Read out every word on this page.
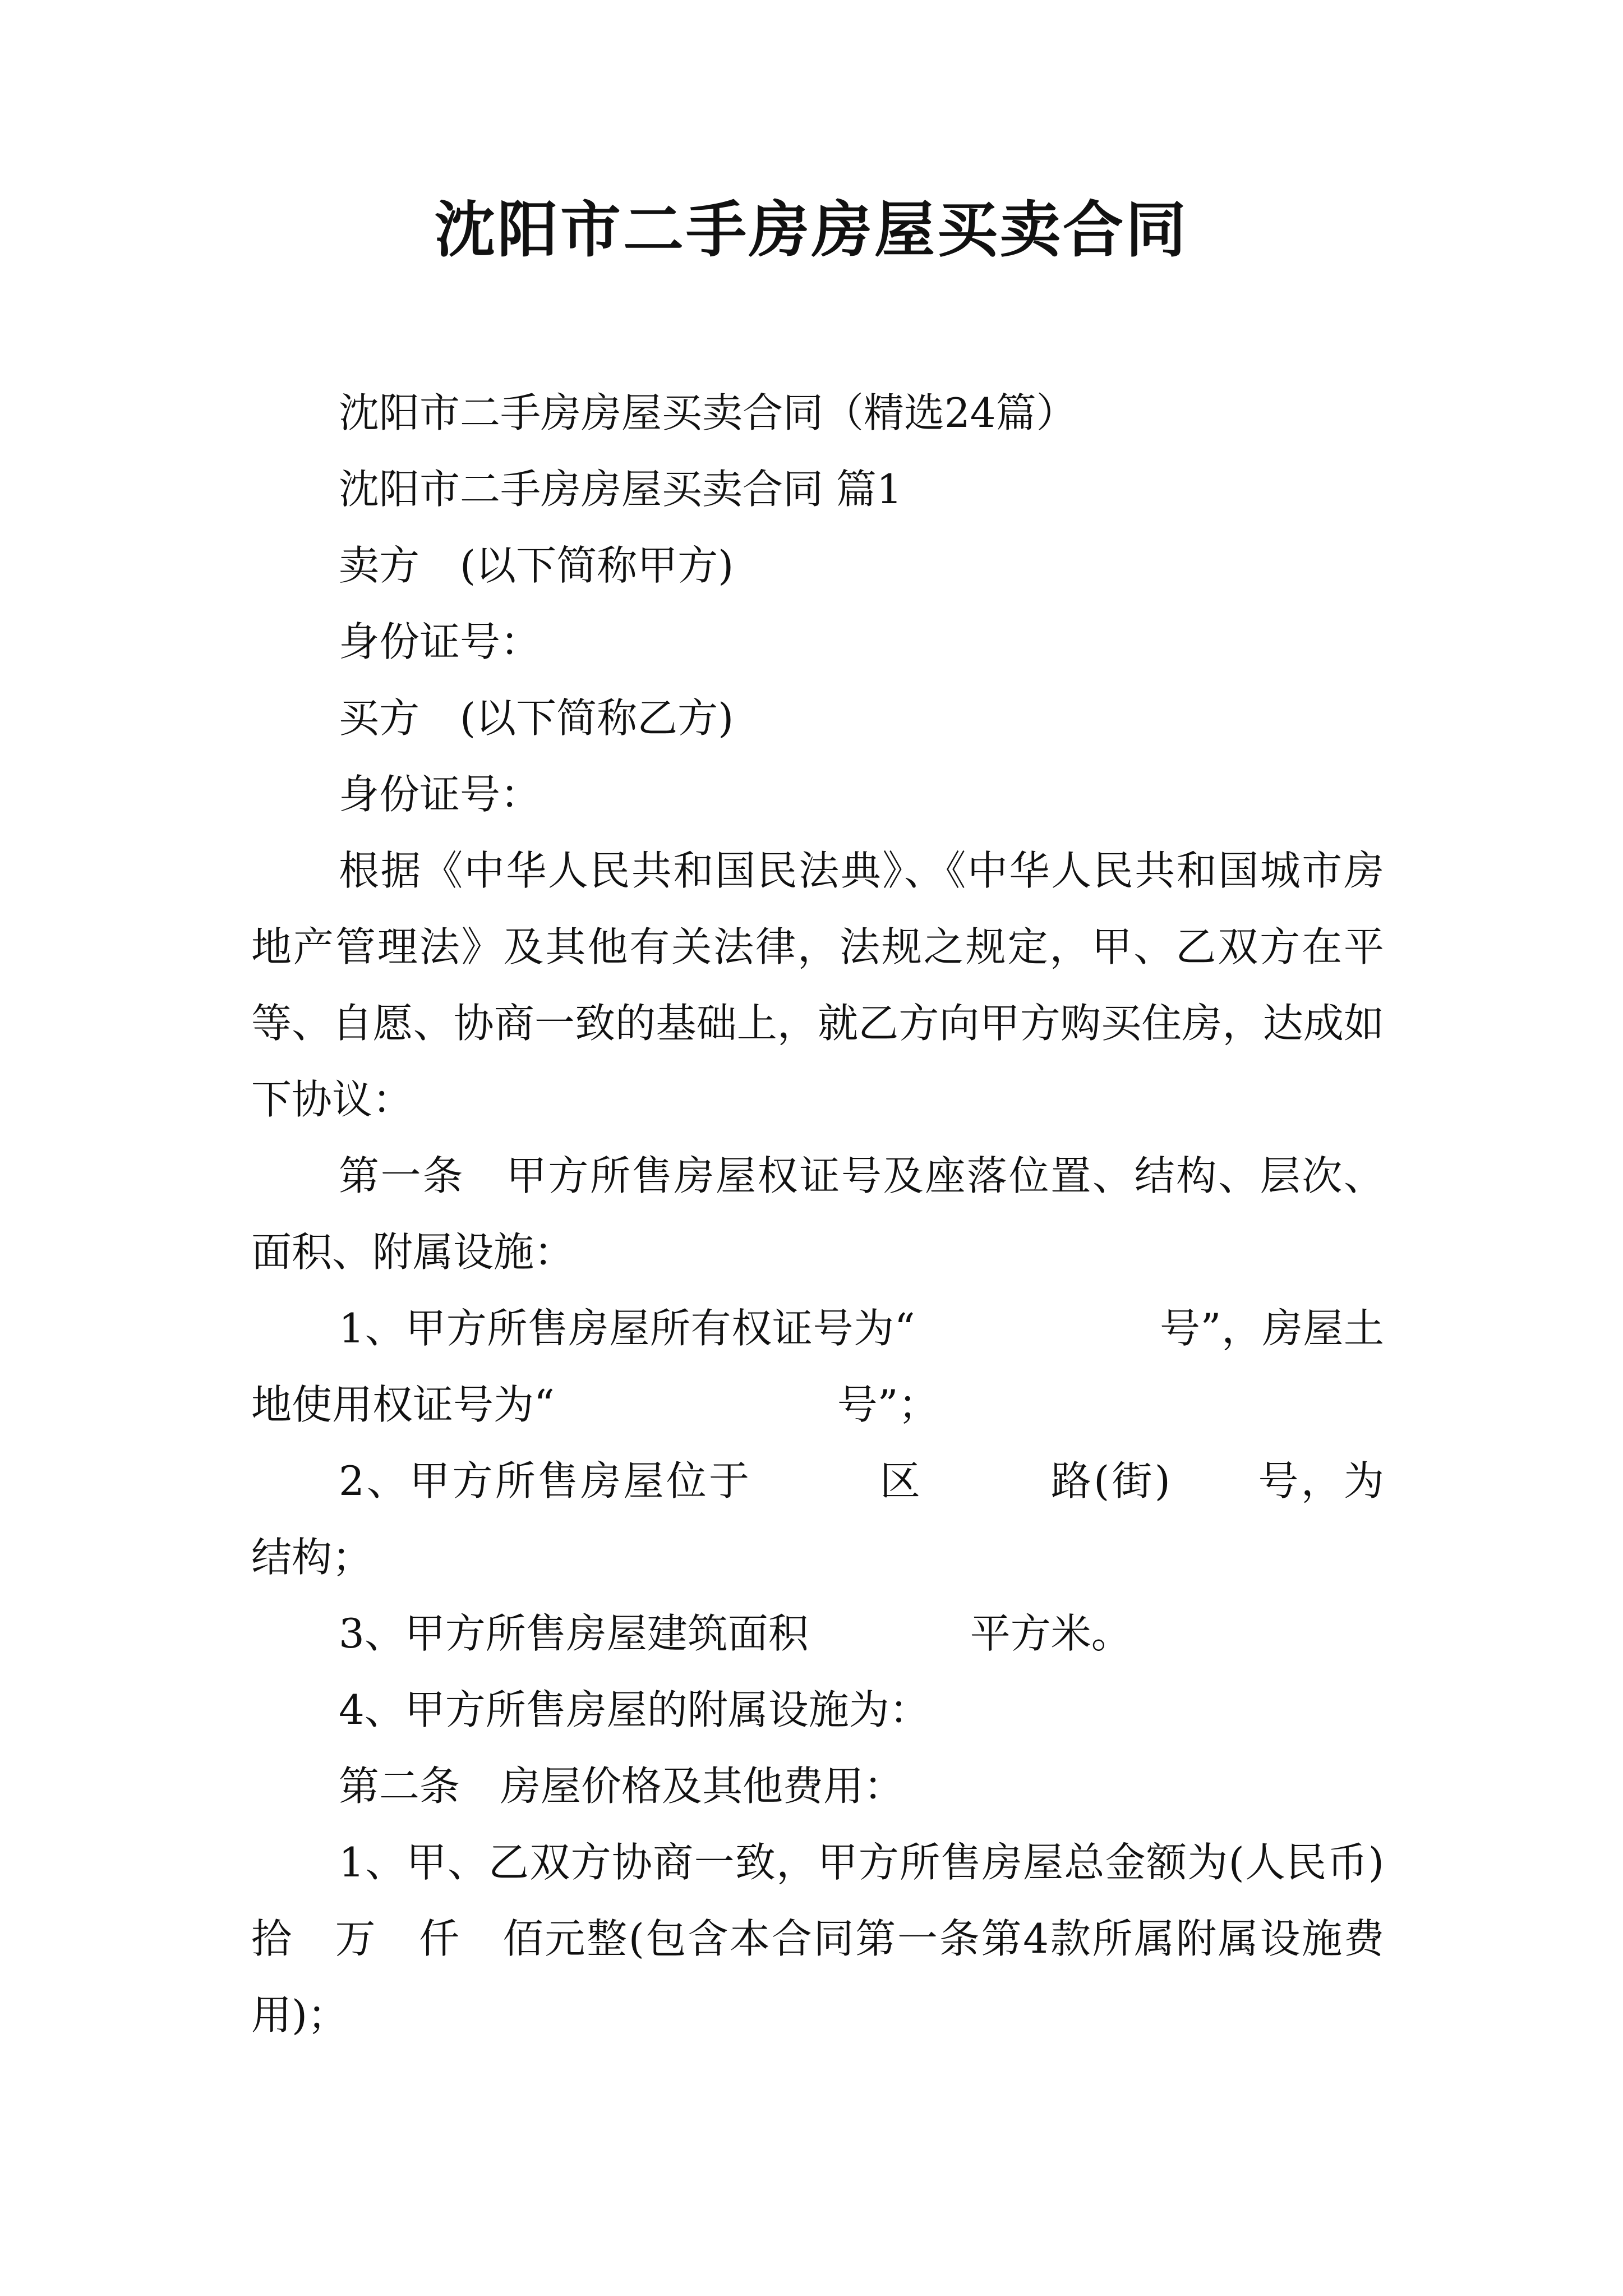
沈阳市二手房房屋买卖合同

沈阳市二手房房屋买卖合同（精选24篇）

沈阳市二手房房屋买卖合同 篇1

卖方　(以下简称甲方)

身份证号：

买方　(以下简称乙方)

身份证号：

根据《中华人民共和国民法典》、《中华人民共和国城市房地产管理法》及其他有关法律，法规之规定，甲、乙双方在平等、自愿、协商一致的基础上，就乙方向甲方购买住房，达成如下协议：

第一条　甲方所售房屋权证号及座落位置、结构、层次、面积、附属设施：

1、甲方所售房屋所有权证号为“　　　　　　号”，房屋土地使用权证号为“　　　　　　　号”；

2、甲方所售房屋位于　　　区　　　路(街)　　号，为　　结构；

3、甲方所售房屋建筑面积　　　　平方米。

4、甲方所售房屋的附属设施为：

第二条　房屋价格及其他费用：

1、甲、乙双方协商一致，甲方所售房屋总金额为(人民币)　拾　万　仟　佰元整(包含本合同第一条第4款所属附属设施费用)；
